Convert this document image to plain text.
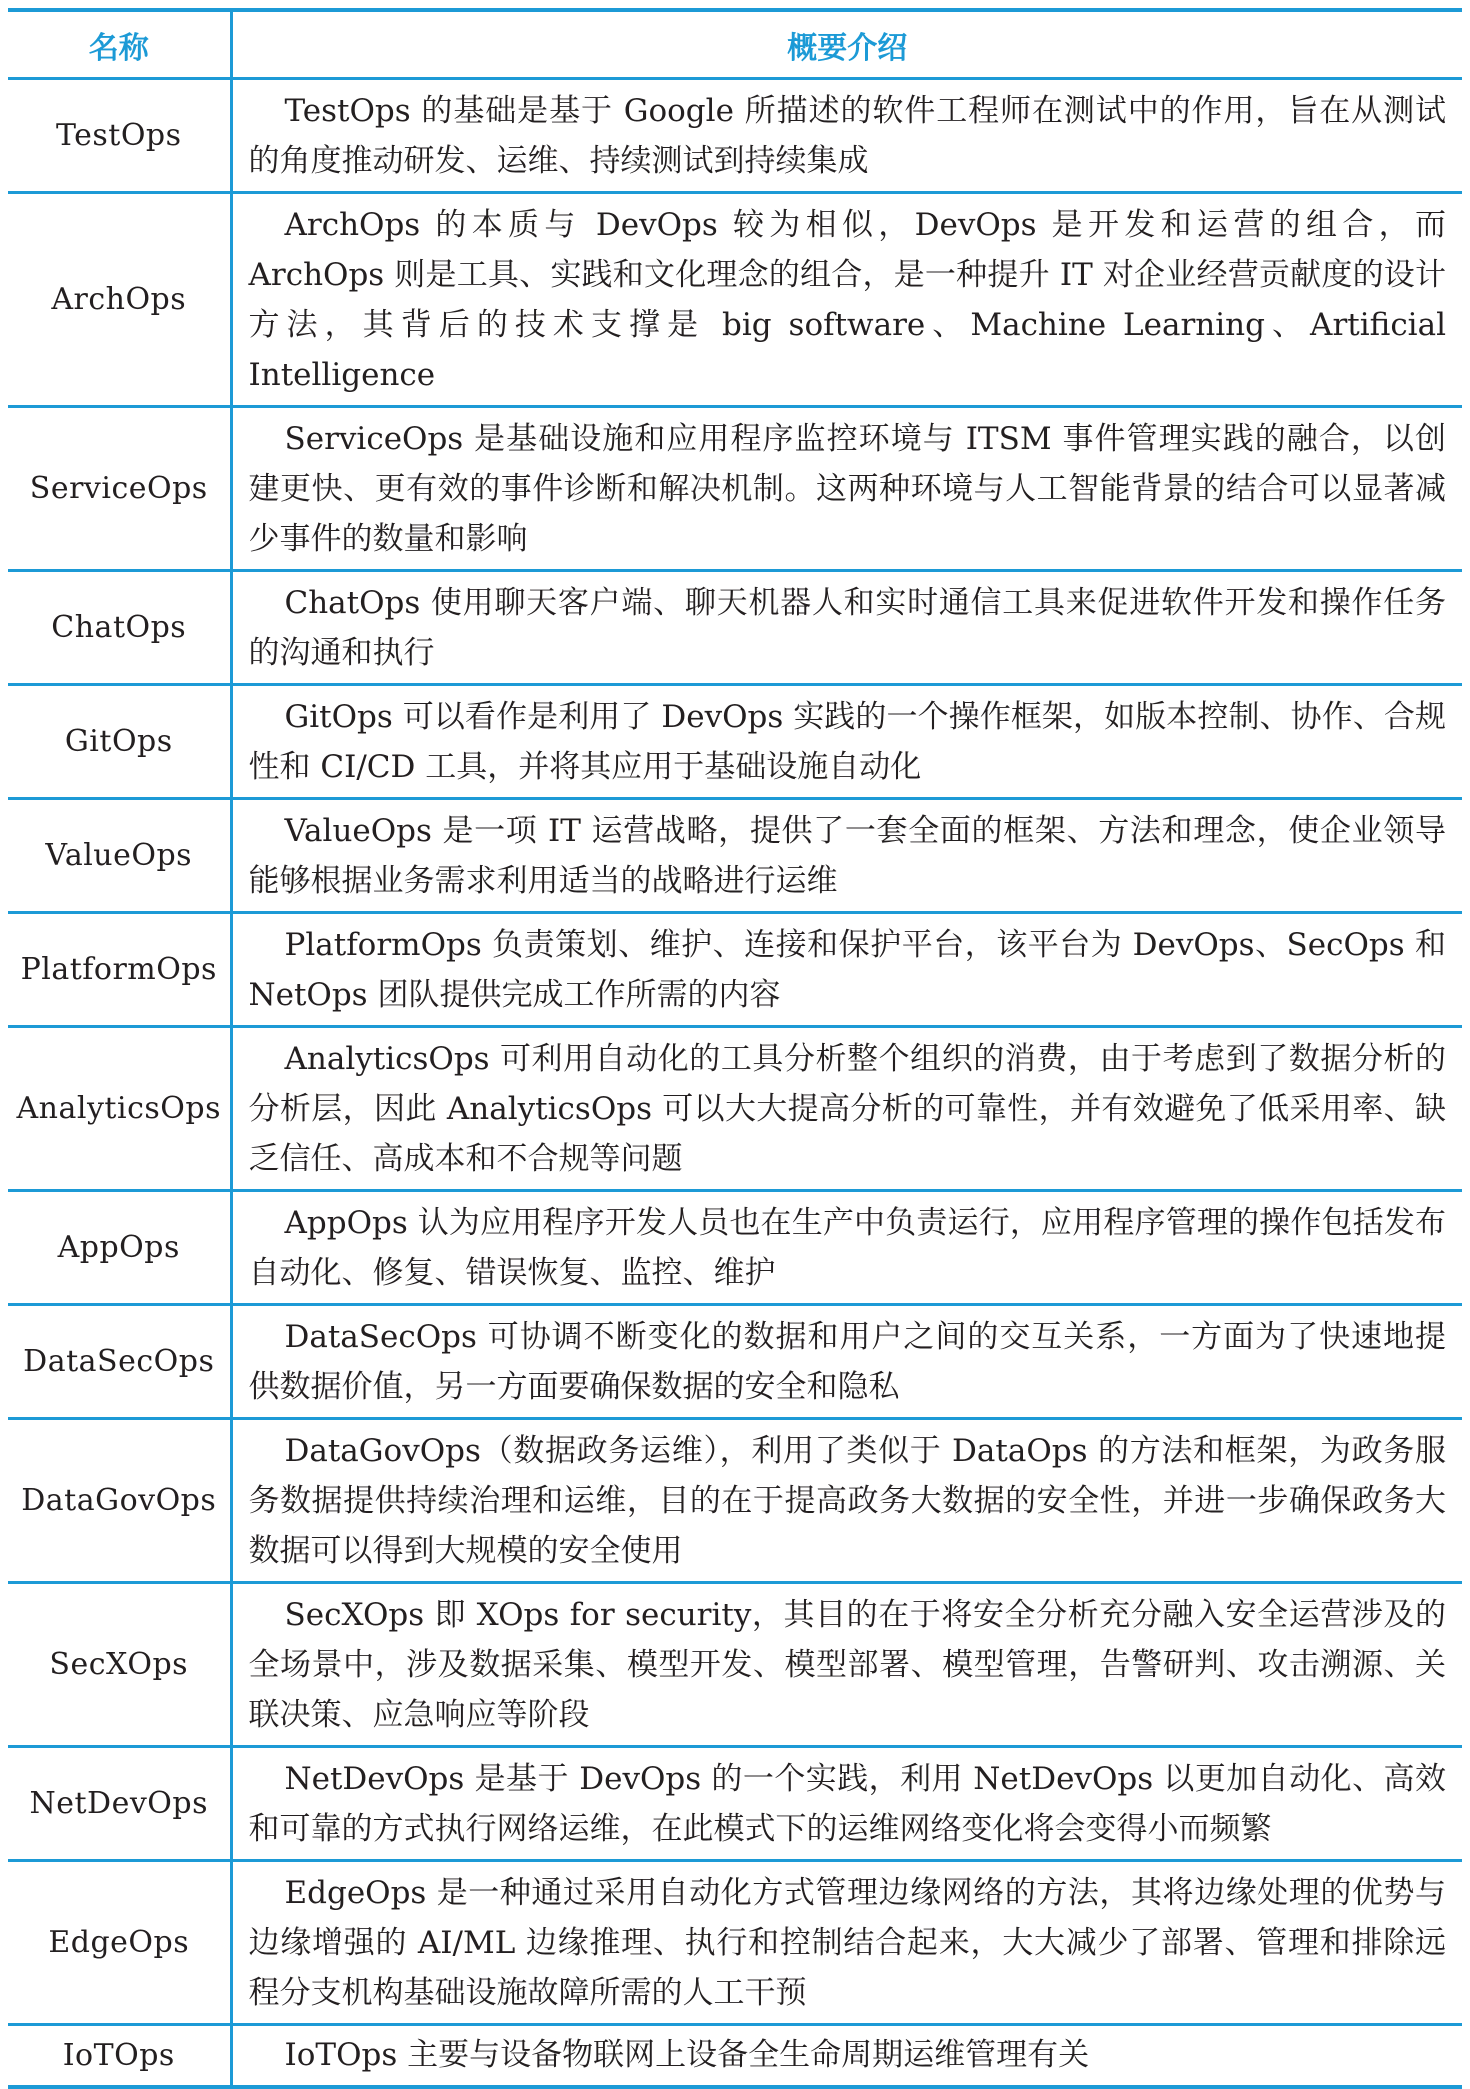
名称	概要介绍
TestOps	TestOps 的基础是基于 Google 所描述的软件工程师在测试中的作用，旨在从测试的角度推动研发、运维、持续测试到持续集成
ArchOps	ArchOps 的本质与 DevOps 较为相似，DevOps 是开发和运营的组合，而 ArchOps 则是工具、实践和文化理念的组合，是一种提升 IT 对企业经营贡献度的设计方法，其背后的技术支撑是 big software、Machine Learning、Artificial Intelligence
ServiceOps	ServiceOps 是基础设施和应用程序监控环境与 ITSM 事件管理实践的融合，以创建更快、更有效的事件诊断和解决机制。这两种环境与人工智能背景的结合可以显著减少事件的数量和影响
ChatOps	ChatOps 使用聊天客户端、聊天机器人和实时通信工具来促进软件开发和操作任务的沟通和执行
GitOps	GitOps 可以看作是利用了 DevOps 实践的一个操作框架，如版本控制、协作、合规性和 CI/CD 工具，并将其应用于基础设施自动化
ValueOps	ValueOps 是一项 IT 运营战略，提供了一套全面的框架、方法和理念，使企业领导能够根据业务需求利用适当的战略进行运维
PlatformOps	PlatformOps 负责策划、维护、连接和保护平台，该平台为 DevOps、SecOps 和 NetOps 团队提供完成工作所需的内容
AnalyticsOps	AnalyticsOps 可利用自动化的工具分析整个组织的消费，由于考虑到了数据分析的分析层，因此 AnalyticsOps 可以大大提高分析的可靠性，并有效避免了低采用率、缺乏信任、高成本和不合规等问题
AppOps	AppOps 认为应用程序开发人员也在生产中负责运行，应用程序管理的操作包括发布自动化、修复、错误恢复、监控、维护
DataSecOps	DataSecOps 可协调不断变化的数据和用户之间的交互关系，一方面为了快速地提供数据价值，另一方面要确保数据的安全和隐私
DataGovOps	DataGovOps（数据政务运维），利用了类似于 DataOps 的方法和框架，为政务服务数据提供持续治理和运维，目的在于提高政务大数据的安全性，并进一步确保政务大数据可以得到大规模的安全使用
SecXOps	SecXOps 即 XOps for security，其目的在于将安全分析充分融入安全运营涉及的全场景中，涉及数据采集、模型开发、模型部署、模型管理，告警研判、攻击溯源、关联决策、应急响应等阶段
NetDevOps	NetDevOps 是基于 DevOps 的一个实践，利用 NetDevOps 以更加自动化、高效和可靠的方式执行网络运维，在此模式下的运维网络变化将会变得小而频繁
EdgeOps	EdgeOps 是一种通过采用自动化方式管理边缘网络的方法，其将边缘处理的优势与边缘增强的 AI/ML 边缘推理、执行和控制结合起来，大大减少了部署、管理和排除远程分支机构基础设施故障所需的人工干预
IoTOps	IoTOps 主要与设备物联网上设备全生命周期运维管理有关
